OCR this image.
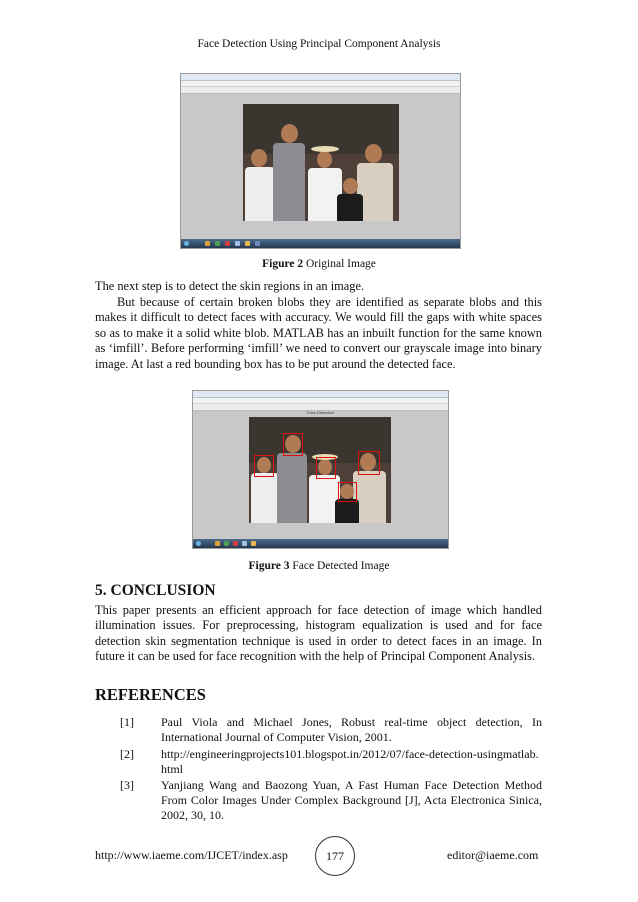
Face Detection Using Principal Component Analysis
Figure 2 Original Image
The next step is to detect the skin regions in an image.
But because of certain broken blobs they are identified as separate blobs and this makes it difficult to detect faces with accuracy. We would fill the gaps with white spaces so as to make it a solid white blob. MATLAB has an inbuilt function for the same known as ‘imfill’. Before performing ‘imfill’ we need to convert our grayscale image into binary image. At last a red bounding box has to be put around the detected face.
Face Detection
Figure 3 Face Detected Image
5. CONCLUSION
This paper presents an efficient approach for face detection of image which handled illumination issues. For preprocessing, histogram equalization is used and for face detection skin segmentation technique is used in order to detect faces in an image. In future it can be used for face recognition with the help of Principal Component Analysis.
REFERENCES
[1] Paul Viola and Michael Jones, Robust real-time object detection, In International Journal of Computer Vision, 2001.
[2] http://engineeringprojects101.blogspot.in/2012/07/face-detection-usingmatlab.html
[3] Yanjiang Wang and Baozong Yuan, A Fast Human Face Detection Method From Color Images Under Complex Background [J], Acta Electronica Sinica, 2002, 30, 10.
http://www.iaeme.com/IJCET/index.asp	177	editor@iaeme.com
